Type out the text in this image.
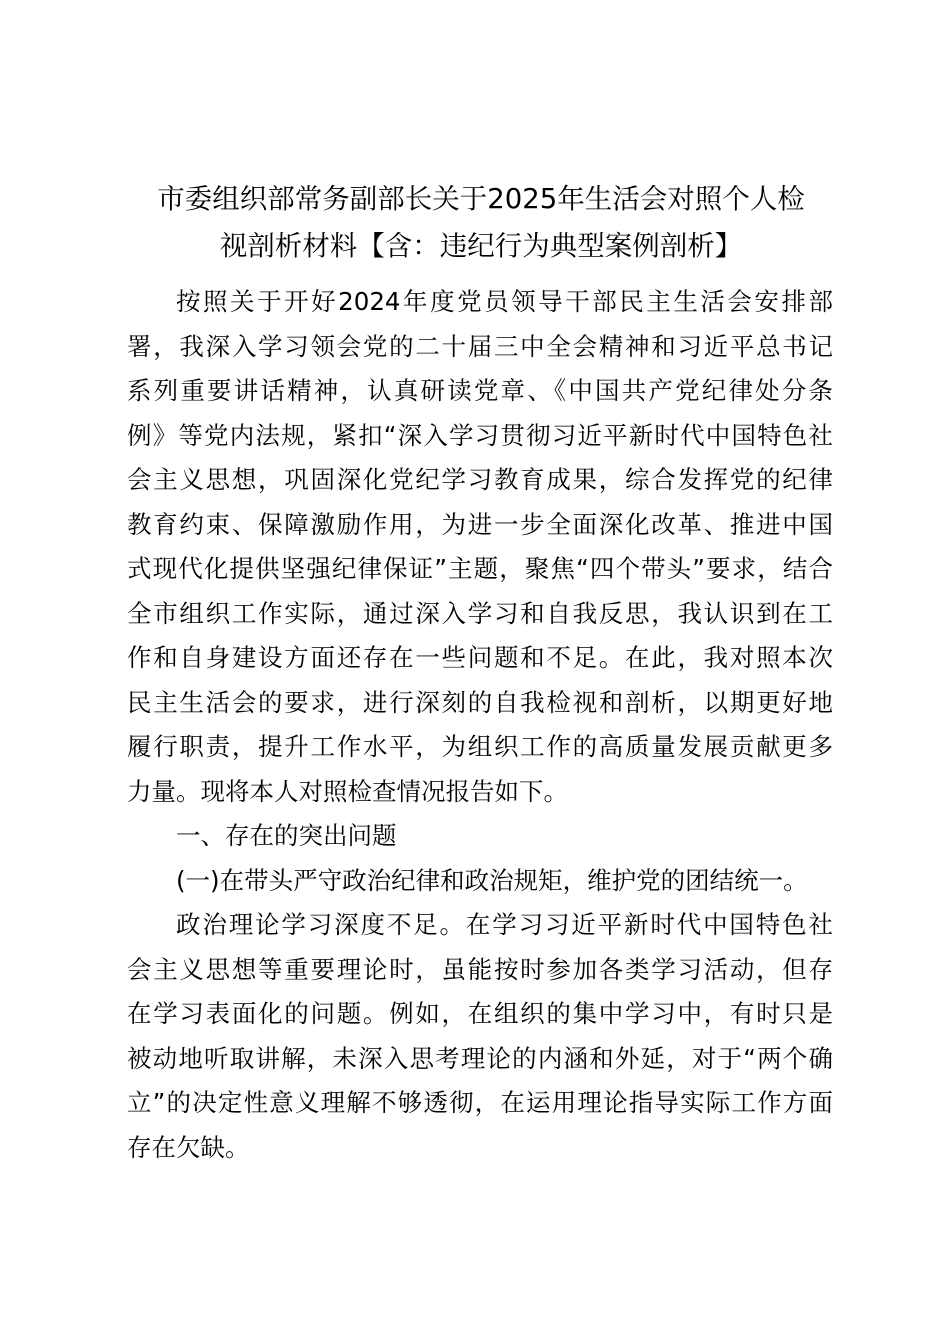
市委组织部常务副部长关于2025年生活会对照个人检
视剖析材料【含：违纪行为典型案例剖析】

按照关于开好2024年度党员领导干部民主生活会安排部
署，我深入学习领会党的二十届三中全会精神和习近平总书记
系列重要讲话精神，认真研读党章、《中国共产党纪律处分条
例》等党内法规，紧扣“深入学习贯彻习近平新时代中国特色社
会主义思想，巩固深化党纪学习教育成果，综合发挥党的纪律
教育约束、保障激励作用，为进一步全面深化改革、推进中国
式现代化提供坚强纪律保证”主题，聚焦“四个带头”要求，结合
全市组织工作实际，通过深入学习和自我反思，我认识到在工
作和自身建设方面还存在一些问题和不足。在此，我对照本次
民主生活会的要求，进行深刻的自我检视和剖析，以期更好地
履行职责，提升工作水平，为组织工作的高质量发展贡献更多
力量。现将本人对照检查情况报告如下。

一、存在的突出问题

(一)在带头严守政治纪律和政治规矩，维护党的团结统一。

政治理论学习深度不足。在学习习近平新时代中国特色社
会主义思想等重要理论时，虽能按时参加各类学习活动，但存
在学习表面化的问题。例如，在组织的集中学习中，有时只是
被动地听取讲解，未深入思考理论的内涵和外延，对于“两个确
立”的决定性意义理解不够透彻，在运用理论指导实际工作方面
存在欠缺。
